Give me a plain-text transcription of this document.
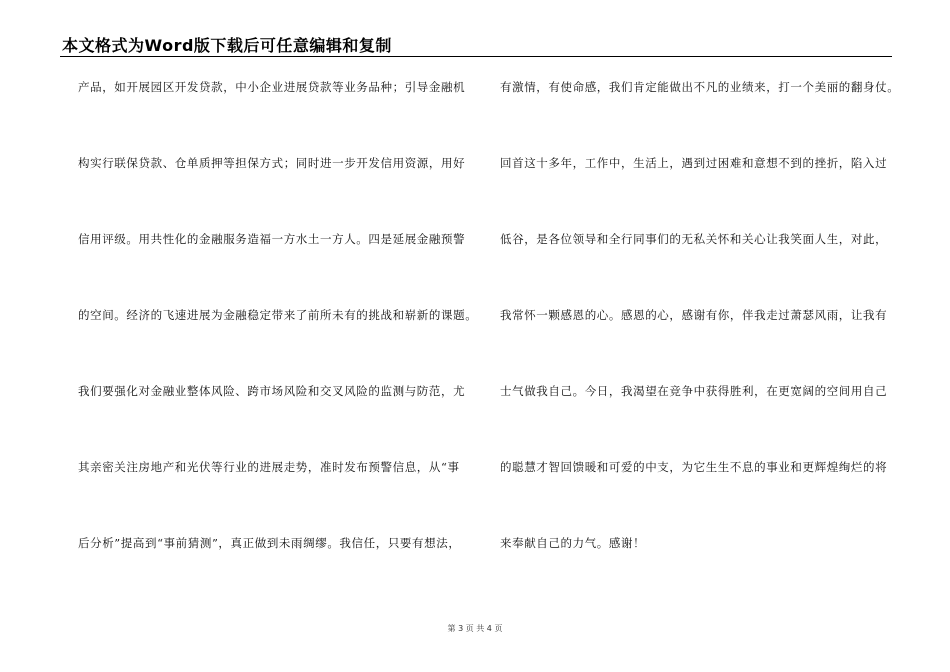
本文格式为Word版下载后可任意编辑和复制
产品，如开展园区开发贷款，中小企业进展贷款等业务品种；引导金融机
构实行联保贷款、仓单质押等担保方式；同时进一步开发信用资源，用好
信用评级。用共性化的金融服务造福一方水土一方人。四是延展金融预警
的空间。经济的飞速进展为金融稳定带来了前所未有的挑战和崭新的课题。
我们要强化对金融业整体风险、跨市场风险和交叉风险的监测与防范，尤
其亲密关注房地产和光伏等行业的进展走势，准时发布预警信息，从“事
后分析”提高到“事前猜测”，真正做到未雨绸缪。我信任，只要有想法，
有激情，有使命感，我们肯定能做出不凡的业绩来，打一个美丽的翻身仗。
回首这十多年，工作中，生活上，遇到过困难和意想不到的挫折，陷入过
低谷，是各位领导和全行同事们的无私关怀和关心让我笑面人生，对此，
我常怀一颗感恩的心。感恩的心，感谢有你，伴我走过萧瑟风雨，让我有
士气做我自己。今日，我渴望在竞争中获得胜利，在更宽阔的空间用自己
的聪慧才智回馈暖和可爱的中支，为它生生不息的事业和更辉煌绚烂的将
来奉献自己的力气。感谢！
第 3 页 共 4 页
